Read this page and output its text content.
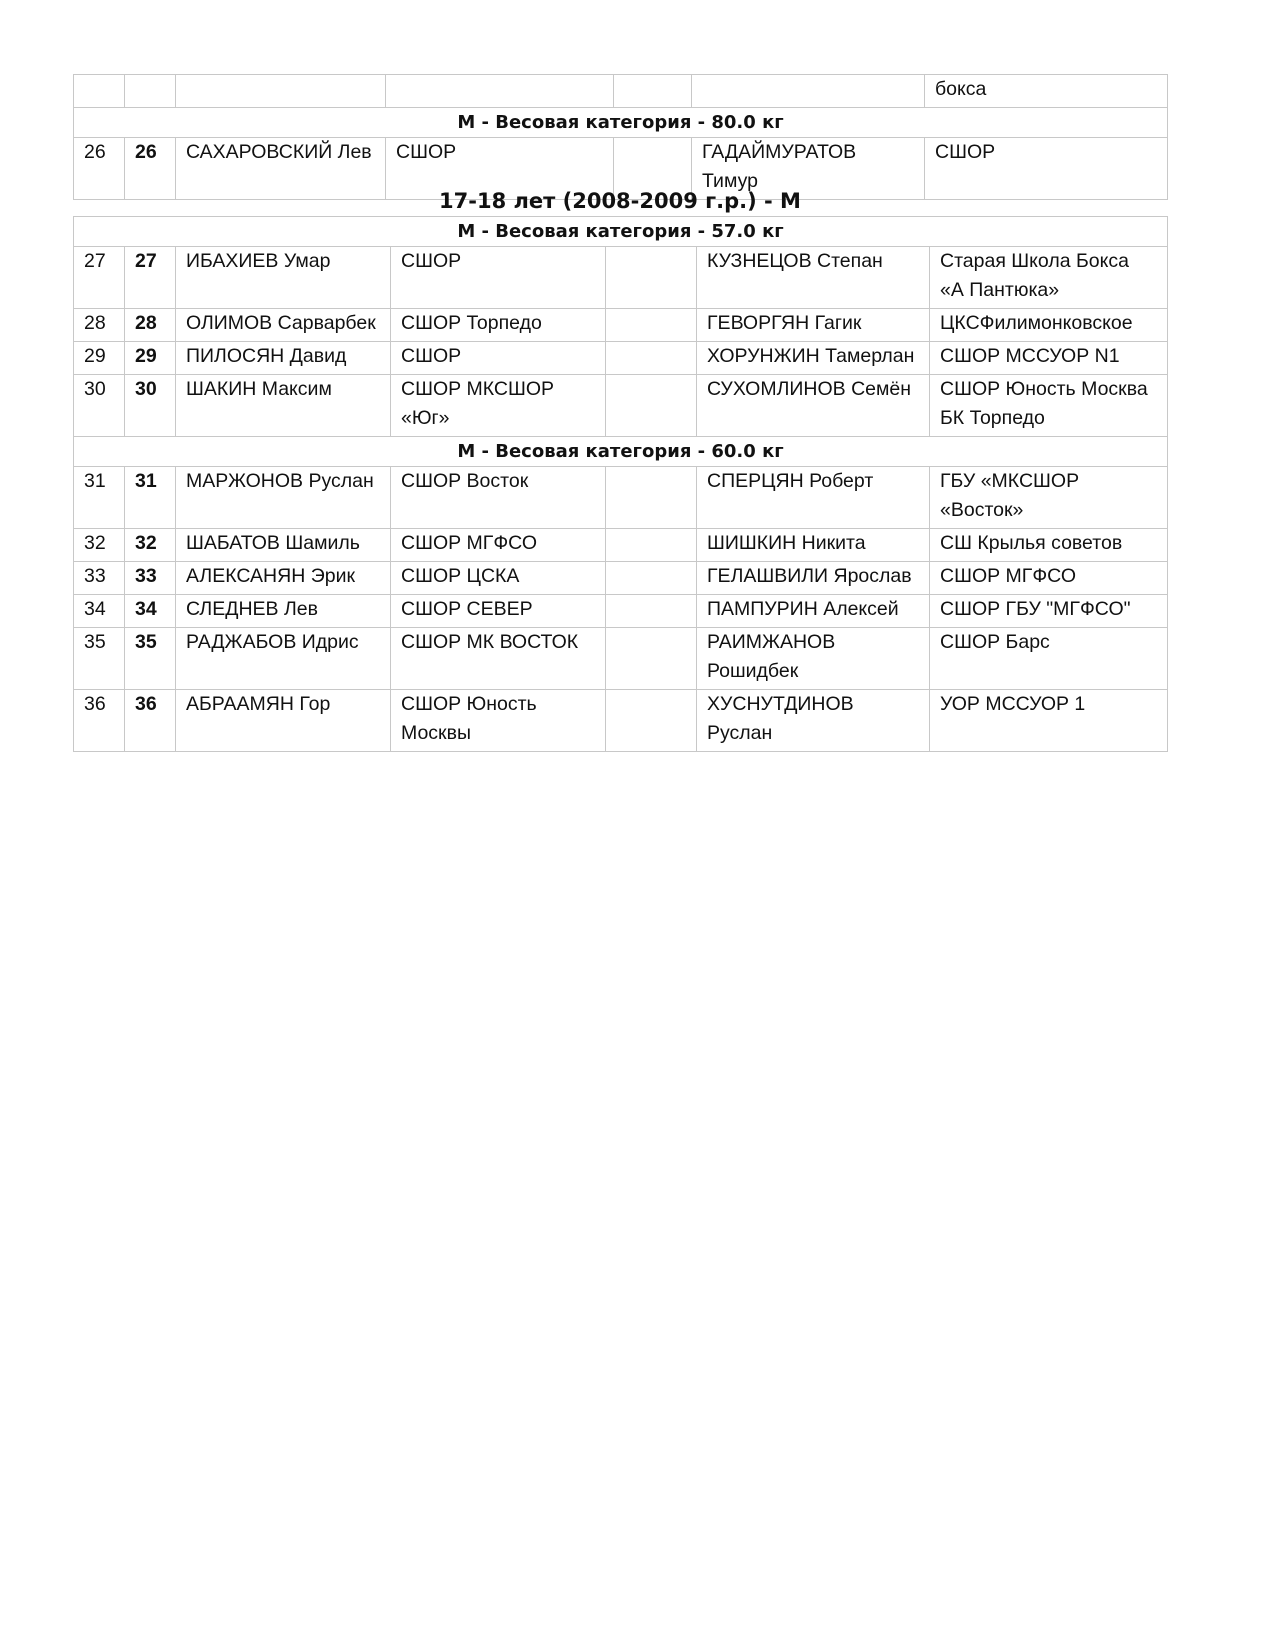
						бокса
М - Весовая категория - 80.0 кг						
26	26	САХАРОВСКИЙ Лев	СШОР		ГАДАЙМУРАТОВ Тимур	СШОР
17-18 лет (2008-2009 г.р.) - М
М - Весовая категория - 57.0 кг						
27	27	ИБАХИЕВ Умар	СШОР		КУЗНЕЦОВ Степан	Старая Школа Бокса «А Пантюка»
28	28	ОЛИМОВ Сарварбек	СШОР Торпедо		ГЕВОРГЯН Гагик	ЦКСФилимонковское
29	29	ПИЛОСЯН Давид	СШОР		ХОРУНЖИН Тамерлан	СШОР МССУОР N1
30	30	ШАКИН Максим	СШОР МКСШОР «Юг»		СУХОМЛИНОВ Семён	СШОР Юность Москва БК Торпедо
М - Весовая категория - 60.0 кг						
31	31	МАРЖОНОВ Руслан	СШОР Восток		СПЕРЦЯН Роберт	ГБУ «МКСШОР «Восток»
32	32	ШАБАТОВ Шамиль	СШОР МГФСО		ШИШКИН Никита	СШ Крылья советов
33	33	АЛЕКСАНЯН Эрик	СШОР ЦСКА		ГЕЛАШВИЛИ Ярослав	СШОР МГФСО
34	34	СЛЕДНЕВ Лев	СШОР СЕВЕР		ПАМПУРИН Алексей	СШОР ГБУ "МГФСО"
35	35	РАДЖАБОВ Идрис	СШОР МК ВОСТОК		РАИМЖАНОВ Рошидбек	СШОР Барс
36	36	АБРААМЯН Гор	СШОР Юность Москвы		ХУСНУТДИНОВ Руслан	УОР МССУОР 1
